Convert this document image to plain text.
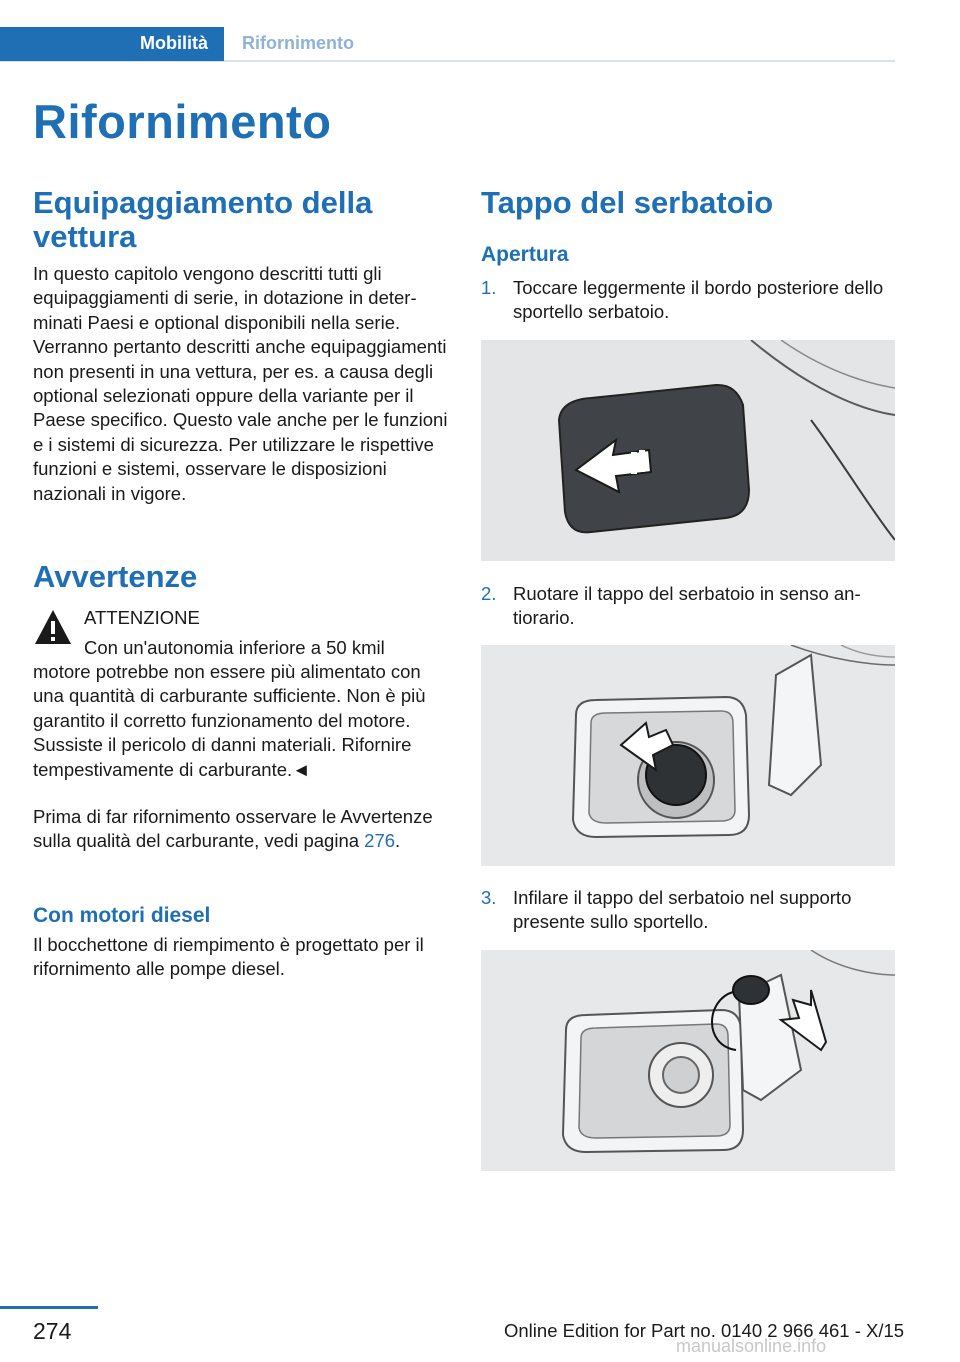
Mobilità	Rifornimento
Rifornimento
Equipaggiamento della vettura
In questo capitolo vengono descritti tutti gli equipaggiamenti di serie, in dotazione in determinati Paesi e optional disponibili nella serie. Verranno pertanto descritti anche equipaggiamenti non presenti in una vettura, per es. a causa degli optional selezionati oppure della variante per il Paese specifico. Questo vale anche per le funzioni e i sistemi di sicurezza. Per utilizzare le rispettive funzioni e sistemi, osservare le disposizioni nazionali in vigore.
Avvertenze
ATTENZIONE
Con un'autonomia inferiore a 50 kmil
motore potrebbe non essere più alimentato con una quantità di carburante sufficiente. Non è più garantito il corretto funzionamento del motore. Sussiste il pericolo di danni materiali. Rifornire tempestivamente di carburante.◄
Prima di far rifornimento osservare le Avvertenze sulla qualità del carburante, vedi pagina 276.
Con motori diesel
Il bocchettone di riempimento è progettato per il rifornimento alle pompe diesel.
Tappo del serbatoio
Apertura
1. Toccare leggermente il bordo posteriore dello sportello serbatoio.
2. Ruotare il tappo del serbatoio in senso antiorario.
3. Infilare il tappo del serbatoio nel supporto presente sullo sportello.
274	Online Edition for Part no. 0140 2 966 461 - X/15
manualsonline.info
